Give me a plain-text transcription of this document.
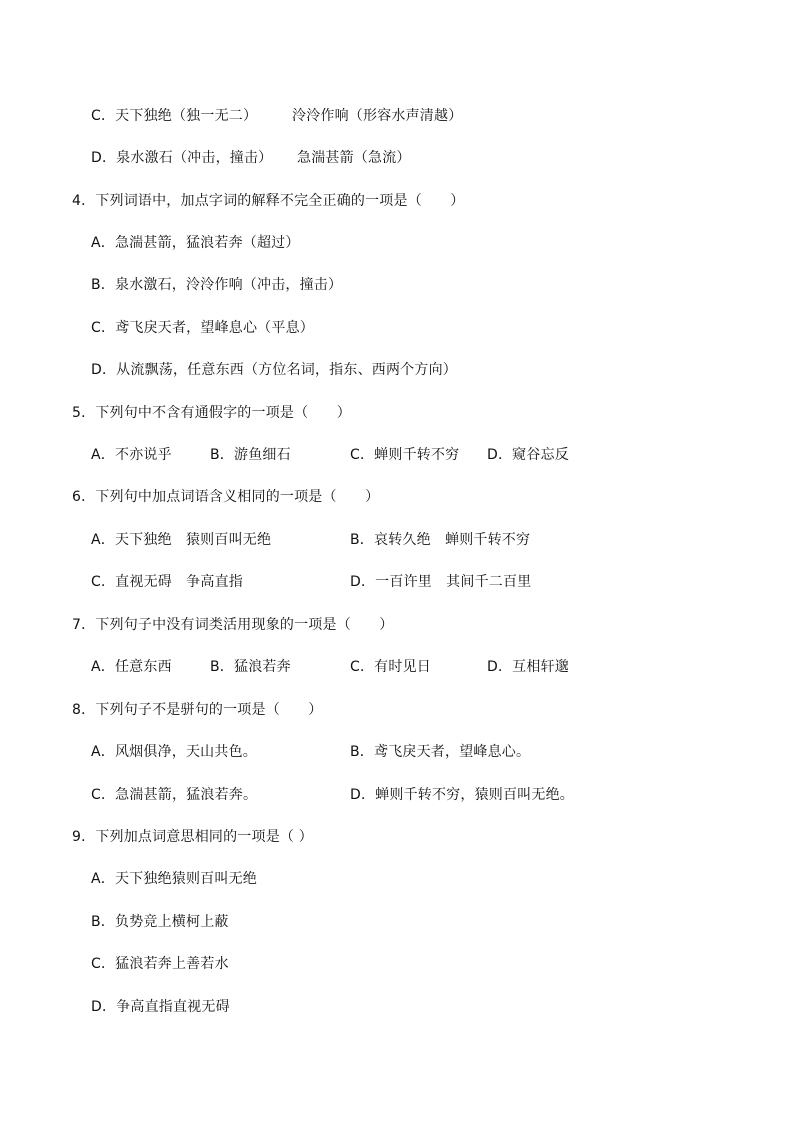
C．天下独绝（独一无二） 泠泠作响（形容水声清越）
D．泉水激石（冲击，撞击） 急湍甚箭（急流）
4．下列词语中，加点字词的解释不完全正确的一项是（　　）
A．急湍甚箭，猛浪若奔（超过）
B．泉水激石，泠泠作响（冲击，撞击）
C．鸢飞戾天者，望峰息心（平息）
D．从流飘荡，任意东西（方位名词，指东、西两个方向）
5．下列句中不含有通假字的一项是（　　）
A．不亦说乎	B．游鱼细石	C．蝉则千转不穷 D．窥谷忘反
6．下列句中加点词语含义相同的一项是（　　）
A．天下独绝　猿则百叫无绝	B．哀转久绝　蝉则千转不穷
C．直视无碍　争高直指	D．一百许里　其间千二百里
7．下列句子中没有词类活用现象的一项是（　　）
A．任意东西	B．猛浪若奔	C．有时见日	D．互相轩邈
8．下列句子不是骈句的一项是（　　）
A．风烟俱净，天山共色。	B．鸢飞戾天者，望峰息心。
C．急湍甚箭，猛浪若奔。	D．蝉则千转不穷，猿则百叫无绝。
9．下列加点词意思相同的一项是（ ）
A．天下独绝猿则百叫无绝
B．负势竞上横柯上蔽
C．猛浪若奔上善若水
D．争高直指直视无碍
